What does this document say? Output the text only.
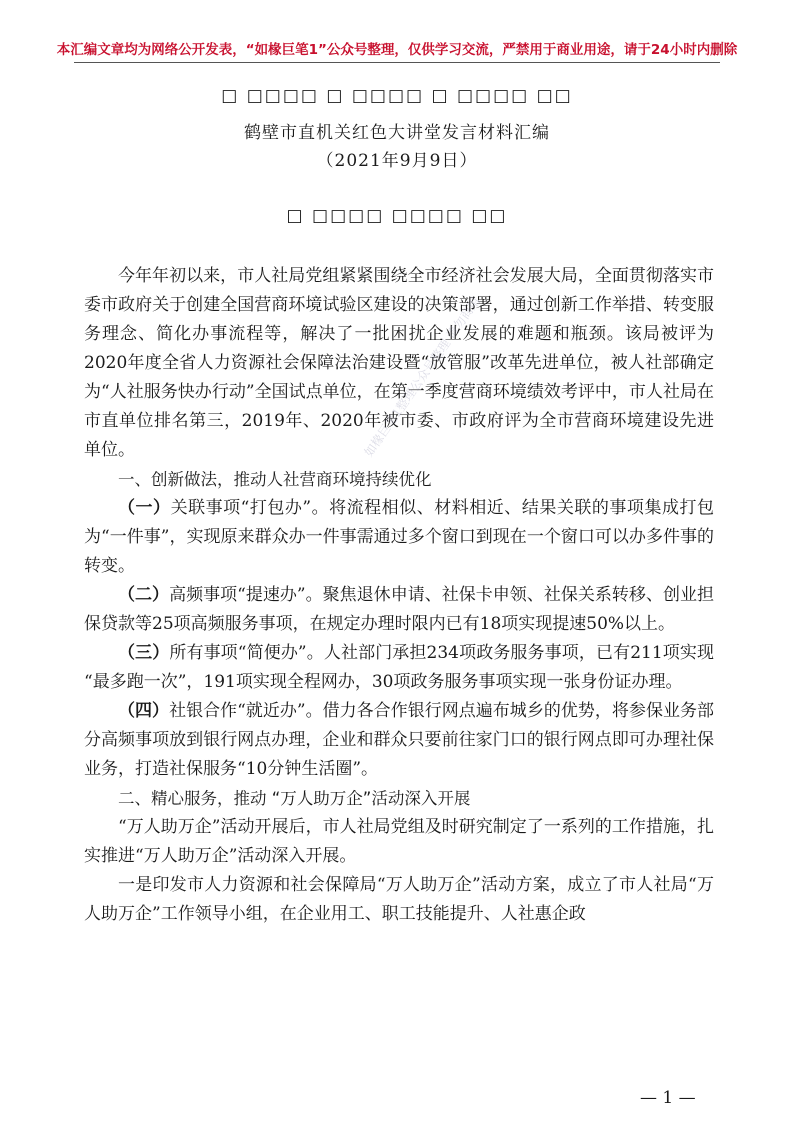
本汇编文章均为网络公开发表，“如椽巨笔1”公众号整理，仅供学习交流，严禁用于商业用途，请于24小时内删除
□ □□□□ □ □□□□ □ □□□□ □□
鹤壁市直机关红色大讲堂发言材料汇编
（2021年9月9日）
□ □□□□ □□□□ □□

今年年初以来，市人社局党组紧紧围绕全市经济社会发展大局，全面贯彻落实市委市政府关于创建全国营商环境试验区建设的决策部署，通过创新工作举措、转变服务理念、简化办事流程等，解决了一批困扰企业发展的难题和瓶颈。该局被评为2020年度全省人力资源社会保障法治建设暨“放管服”改革先进单位，被人社部确定为“人社服务快办行动”全国试点单位，在第一季度营商环境绩效考评中，市人社局在市直单位排名第三，2019年、2020年被市委、市政府评为全市营商环境建设先进单位。

一、创新做法，推动人社营商环境持续优化

（一）关联事项“打包办”。将流程相似、材料相近、结果关联的事项集成打包为“一件事”，实现原来群众办一件事需通过多个窗口到现在一个窗口可以办多件事的转变。

（二）高频事项“提速办”。聚焦退休申请、社保卡申领、社保关系转移、创业担保贷款等25项高频服务事项，在规定办理时限内已有18项实现提速50%以上。

（三）所有事项“简便办”。人社部门承担234项政务服务事项，已有211项实现 “最多跑一次”，191项实现全程网办，30项政务服务事项实现一张身份证办理。

（四）社银合作“就近办”。借力各合作银行网点遍布城乡的优势，将参保业务部分高频事项放到银行网点办理，企业和群众只要前往家门口的银行网点即可办理社保业务，打造社保服务“10分钟生活圈”。

二、精心服务，推动 “万人助万企”活动深入开展

“万人助万企”活动开展后，市人社局党组及时研究制定了一系列的工作措施，扎实推进“万人助万企”活动深入开展。

一是印发市人力资源和社会保障局“万人助万企”活动方案，成立了市人社局“万人助万企”工作领导小组，在企业用工、职工技能提升、人社惠企政

如椽巨笔1整理公众号整理 请勿商用
— 1 —
